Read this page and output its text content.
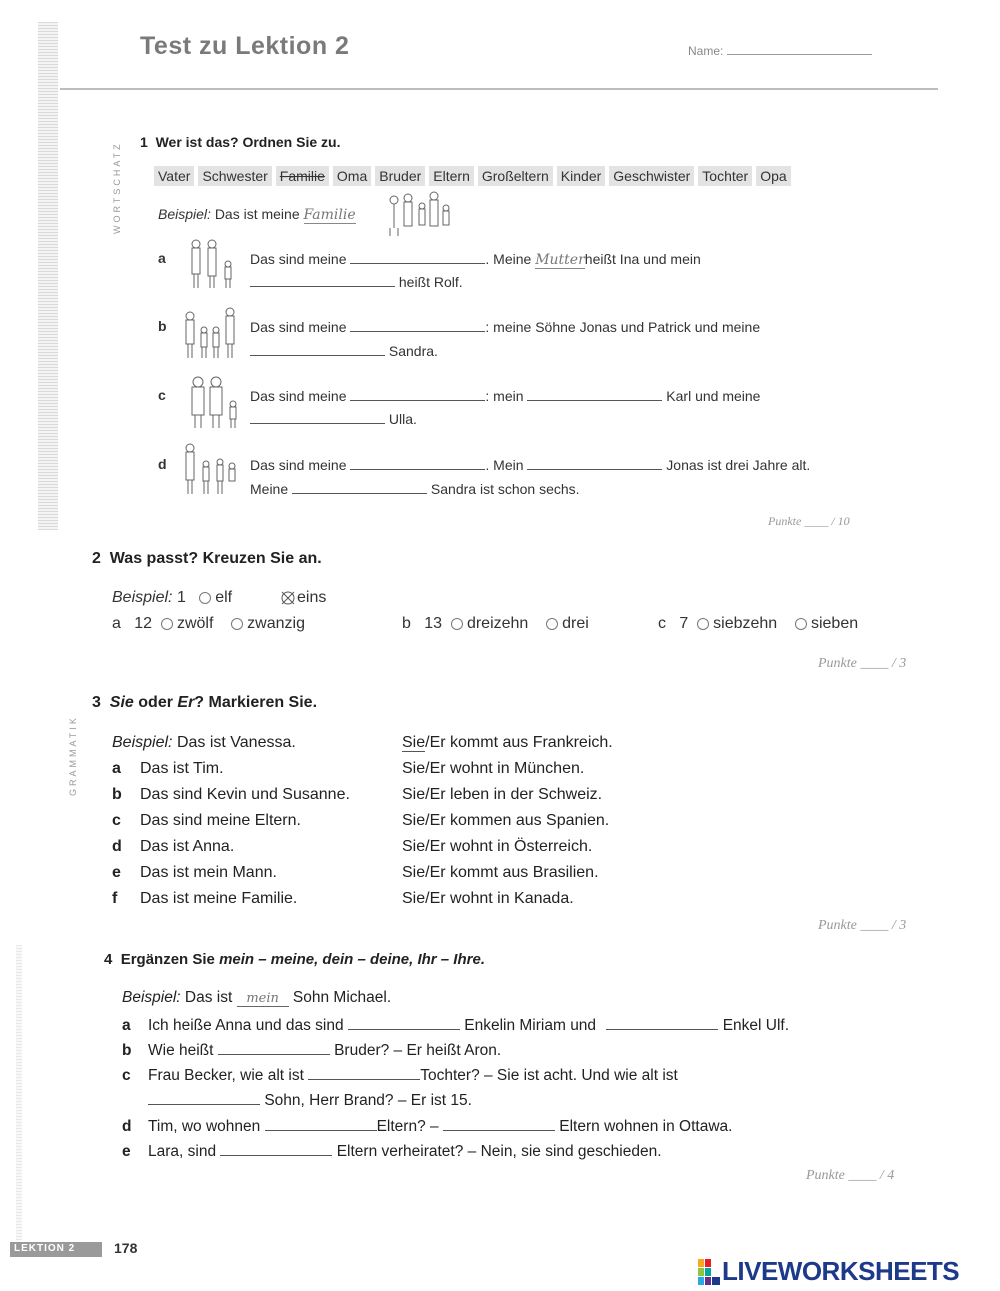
Test zu Lektion 2	Name:
WORTSCHATZ 1 Wer ist das? Ordnen Sie zu.
Vater Schwester Familie Oma Bruder Eltern Großeltern Kinder Geschwister Tochter Opa
Beispiel: Das ist meine Familie
a	Das sind meine	. Meine Mutterheißt Ina und mein
heißt Rolf.
b	Das sind meine	: meine Söhne Jonas und Patrick und meine
Sandra.
c	Das sind meine	: mein	Karl und meine
Ulla.
d	Das sind meine	. Mein	Jonas ist drei Jahre alt.
Meine	Sandra ist schon sechs.
Punkte ____ / 10
2 Was passt? Kreuzen Sie an.
Beispiel: 1 elf	eins
a 12 zwölf zwanzig	b 13 dreizehn drei	c 7 siebzehn sieben
Punkte ____ / 3
GRAMMATIK
3 Sie oder Er? Markieren Sie.
Beispiel: Das ist Vanessa.	Sie/Er kommt aus Frankreich.
a Das ist Tim.	Sie/Er wohnt in München.
b Das sind Kevin und Susanne.	Sie/Er leben in der Schweiz.
c Das sind meine Eltern.	Sie/Er kommen aus Spanien.
d Das ist Anna.	Sie/Er wohnt in Österreich.
e Das ist mein Mann.	Sie/Er kommt aus Brasilien.
f Das ist meine Familie.	Sie/Er wohnt in Kanada.
Punkte ____ / 3
4 Ergänzen Sie mein – meine, dein – deine, Ihr – Ihre.
Beispiel: Das ist mein Sohn Michael.
a Ich heiße Anna und das sind	Enkelin Miriam und	Enkel Ulf.
b Wie heißt	Bruder? – Er heißt Aron.
c Frau Becker, wie alt ist	Tochter? – Sie ist acht. Und wie alt ist
Sohn, Herr Brand? – Er ist 15.
d Tim, wo wohnen	Eltern? –	Eltern wohnen in Ottawa.
e Lara, sind	Eltern verheiratet? – Nein, sie sind geschieden.
Punkte ____ / 4
LEKTION 2	178
LIVEWORKSHEETS
